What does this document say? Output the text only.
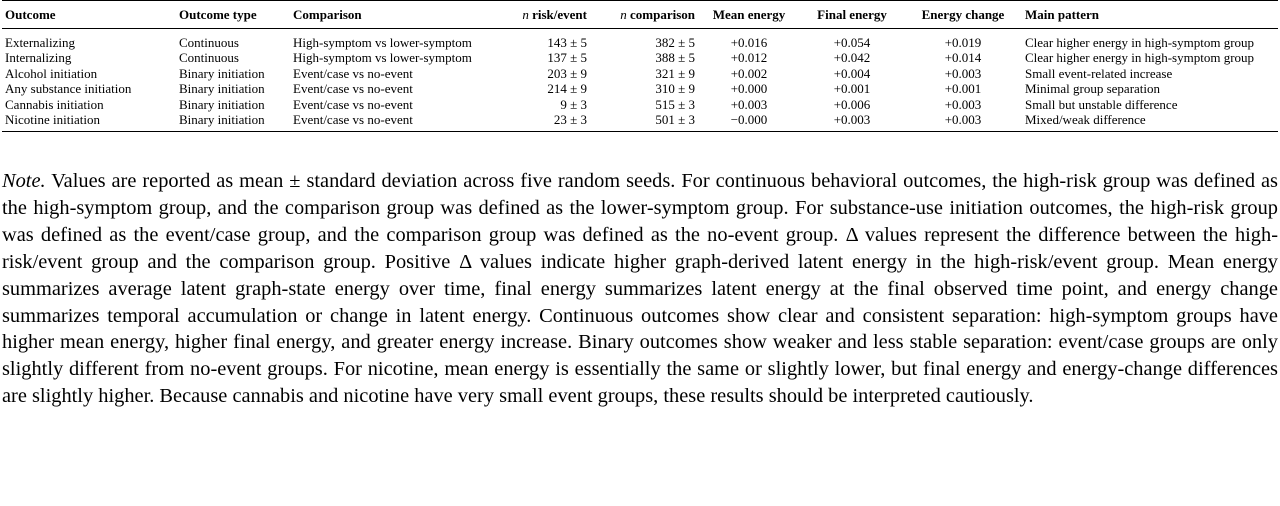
Outcome	Outcome type	Comparison	n risk/event	n comparison	Mean energy	Final energy	Energy change	Main pattern
Externalizing	Continuous	High-symptom vs lower-symptom	143 ± 5	382 ± 5	+0.016	+0.054	+0.019	Clear higher energy in high-symptom group
Internalizing	Continuous	High-symptom vs lower-symptom	137 ± 5	388 ± 5	+0.012	+0.042	+0.014	Clear higher energy in high-symptom group
Alcohol initiation	Binary initiation	Event/case vs no-event	203 ± 9	321 ± 9	+0.002	+0.004	+0.003	Small event-related increase
Any substance initiation	Binary initiation	Event/case vs no-event	214 ± 9	310 ± 9	+0.000	+0.001	+0.001	Minimal group separation
Cannabis initiation	Binary initiation	Event/case vs no-event	9 ± 3	515 ± 3	+0.003	+0.006	+0.003	Small but unstable difference
Nicotine initiation	Binary initiation	Event/case vs no-event	23 ± 3	501 ± 3	−0.000	+0.003	+0.003	Mixed/weak difference

Note. Values are reported as mean ± standard deviation across five random seeds. For continuous behavioral outcomes, the high-risk group was defined as the high-symptom group, and the comparison group was defined as the lower-symptom group. For substance-use initiation outcomes, the high-risk group was defined as the event/case group, and the comparison group was defined as the no-event group. Δ values represent the difference between the high-risk/event group and the comparison group. Positive Δ values indicate higher graph-derived latent energy in the high-risk/event group. Mean energy summarizes average latent graph-state energy over time, final energy summarizes latent energy at the final observed time point, and energy change summarizes temporal accumulation or change in latent energy. Continuous outcomes show clear and consistent separation: high-symptom groups have higher mean energy, higher final energy, and greater energy increase. Binary outcomes show weaker and less stable separation: event/case groups are only slightly different from no-event groups. For nicotine, mean energy is essentially the same or slightly lower, but final energy and energy-change differences are slightly higher. Because cannabis and nicotine have very small event groups, these results should be interpreted cautiously.
